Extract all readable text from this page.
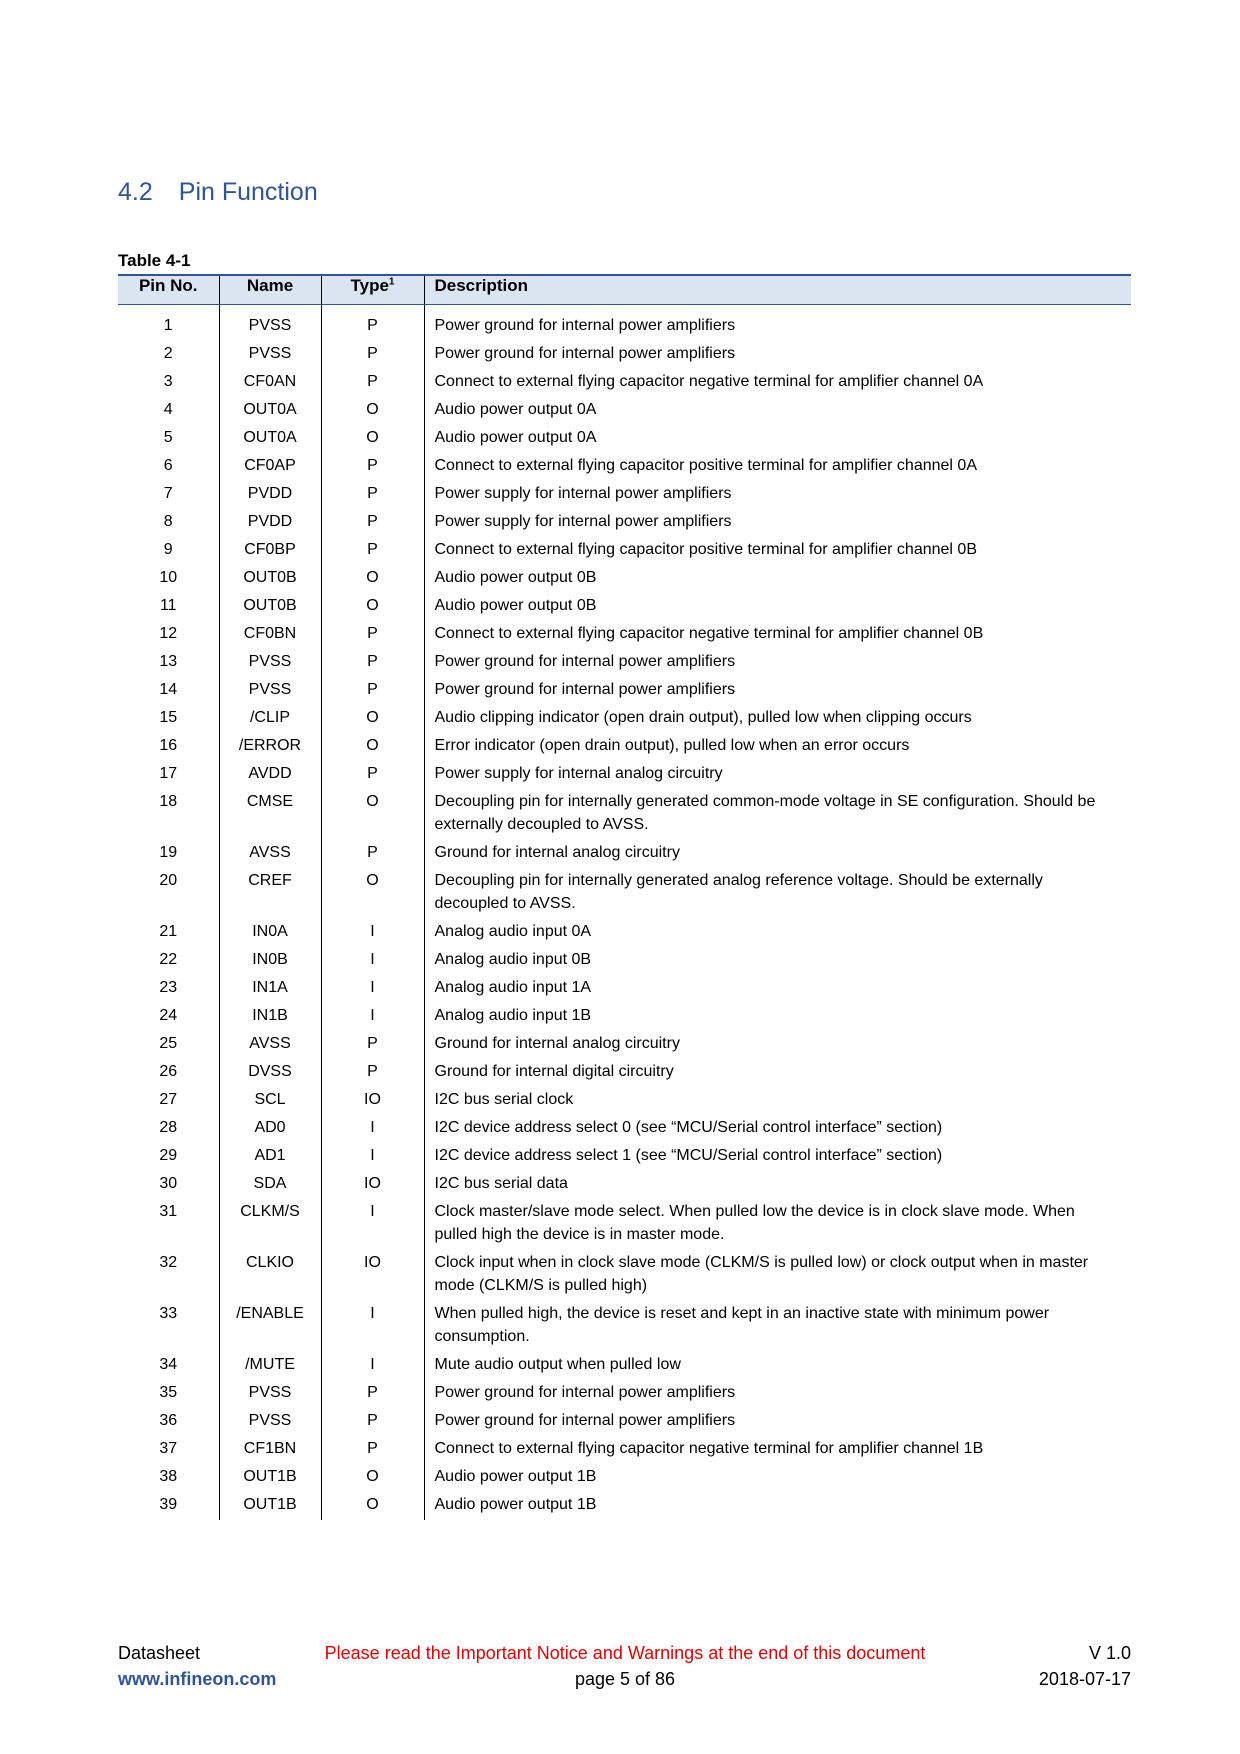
4.2 Pin Function
Table 4-1
Pin No.	Name	Type$^1$	Description
1	PVSS	P	Power ground for internal power amplifiers
2	PVSS	P	Power ground for internal power amplifiers
3	CF0AN	P	Connect to external flying capacitor negative terminal for amplifier channel 0A
4	OUT0A	O	Audio power output 0A
5	OUT0A	O	Audio power output 0A
6	CF0AP	P	Connect to external flying capacitor positive terminal for amplifier channel 0A
7	PVDD	P	Power supply for internal power amplifiers
8	PVDD	P	Power supply for internal power amplifiers
9	CF0BP	P	Connect to external flying capacitor positive terminal for amplifier channel 0B
10	OUT0B	O	Audio power output 0B
11	OUT0B	O	Audio power output 0B
12	CF0BN	P	Connect to external flying capacitor negative terminal for amplifier channel 0B
13	PVSS	P	Power ground for internal power amplifiers
14	PVSS	P	Power ground for internal power amplifiers
15	/CLIP	O	Audio clipping indicator (open drain output), pulled low when clipping occurs
16	/ERROR	O	Error indicator (open drain output), pulled low when an error occurs
17	AVDD	P	Power supply for internal analog circuitry
18	CMSE	O	Decoupling pin for internally generated common-mode voltage in SE configuration. Should be externally decoupled to AVSS.
19	AVSS	P	Ground for internal analog circuitry
20	CREF	O	Decoupling pin for internally generated analog reference voltage. Should be externally decoupled to AVSS.
21	IN0A	I	Analog audio input 0A
22	IN0B	I	Analog audio input 0B
23	IN1A	I	Analog audio input 1A
24	IN1B	I	Analog audio input 1B
25	AVSS	P	Ground for internal analog circuitry
26	DVSS	P	Ground for internal digital circuitry
27	SCL	IO	I2C bus serial clock
28	AD0	I	I2C device address select 0 (see “MCU/Serial control interface” section)
29	AD1	I	I2C device address select 1 (see “MCU/Serial control interface” section)
30	SDA	IO	I2C bus serial data
31	CLKM/S	I	Clock master/slave mode select. When pulled low the device is in clock slave mode. When pulled high the device is in master mode.
32	CLKIO	IO	Clock input when in clock slave mode (CLKM/S is pulled low) or clock output when in master mode (CLKM/S is pulled high)
33	/ENABLE	I	When pulled high, the device is reset and kept in an inactive state with minimum power consumption.
34	/MUTE	I	Mute audio output when pulled low
35	PVSS	P	Power ground for internal power amplifiers
36	PVSS	P	Power ground for internal power amplifiers
37	CF1BN	P	Connect to external flying capacitor negative terminal for amplifier channel 1B
38	OUT1B	O	Audio power output 1B
39	OUT1B	O	Audio power output 1B
Datasheet
www.infineon.com
Please read the Important Notice and Warnings at the end of this document
page 5 of 86
V 1.0
2018-07-17
